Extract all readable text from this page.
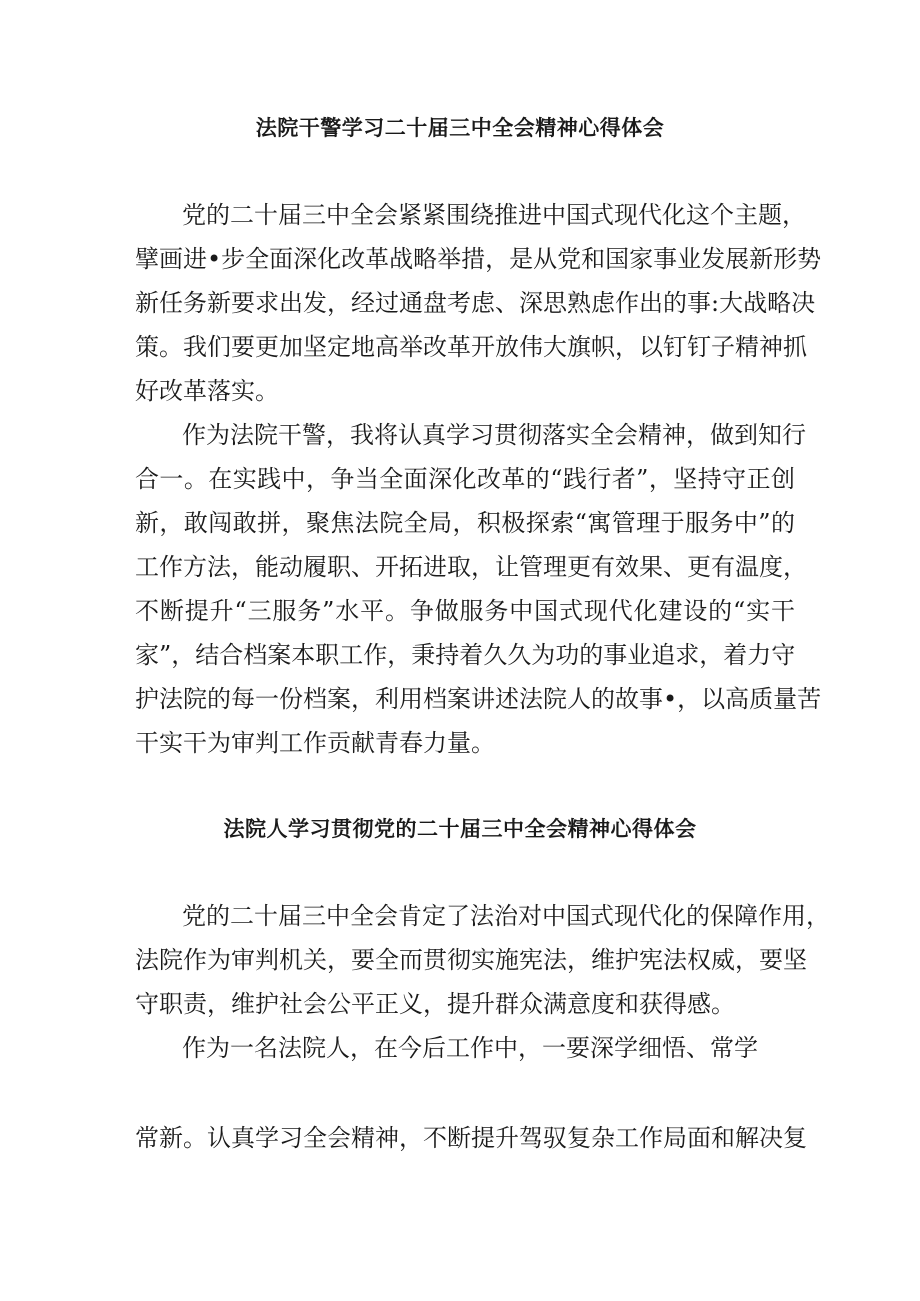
法院干警学习二十届三中全会精神心得体会
党的二十届三中全会紧紧围绕推进中国式现代化这个主题，
擘画进•步全面深化改革战略举措，是从党和国家事业发展新形势
新任务新要求出发，经过通盘考虑、深思熟虑作出的事:大战略决
策。我们要更加坚定地高举改革开放伟大旗帜，以钉钉子精神抓
好改革落实。
作为法院干警，我将认真学习贯彻落实全会精神，做到知行
合一。在实践中，争当全面深化改革的“践行者”，坚持守正创
新，敢闯敢拼，聚焦法院全局，积极探索“寓管理于服务中”的
工作方法，能动履职、开拓进取，让管理更有效果、更有温度，
不断提升“三服务”水平。争做服务中国式现代化建设的“实干
家”，结合档案本职工作，秉持着久久为功的事业追求，着力守
护法院的每一份档案，利用档案讲述法院人的故事•，以高质量苦
干实干为审判工作贡献青春力量。
法院人学习贯彻党的二十届三中全会精神心得体会
党的二十届三中全会肯定了法治对中国式现代化的保障作用，
法院作为审判机关，要全而贯彻实施宪法，维护宪法权威，要坚
守职责，维护社会公平正义，提升群众满意度和获得感。
作为一名法院人，在今后工作中，一要深学细悟、常学
常新。认真学习全会精神，不断提升驾驭复杂工作局面和解决复
